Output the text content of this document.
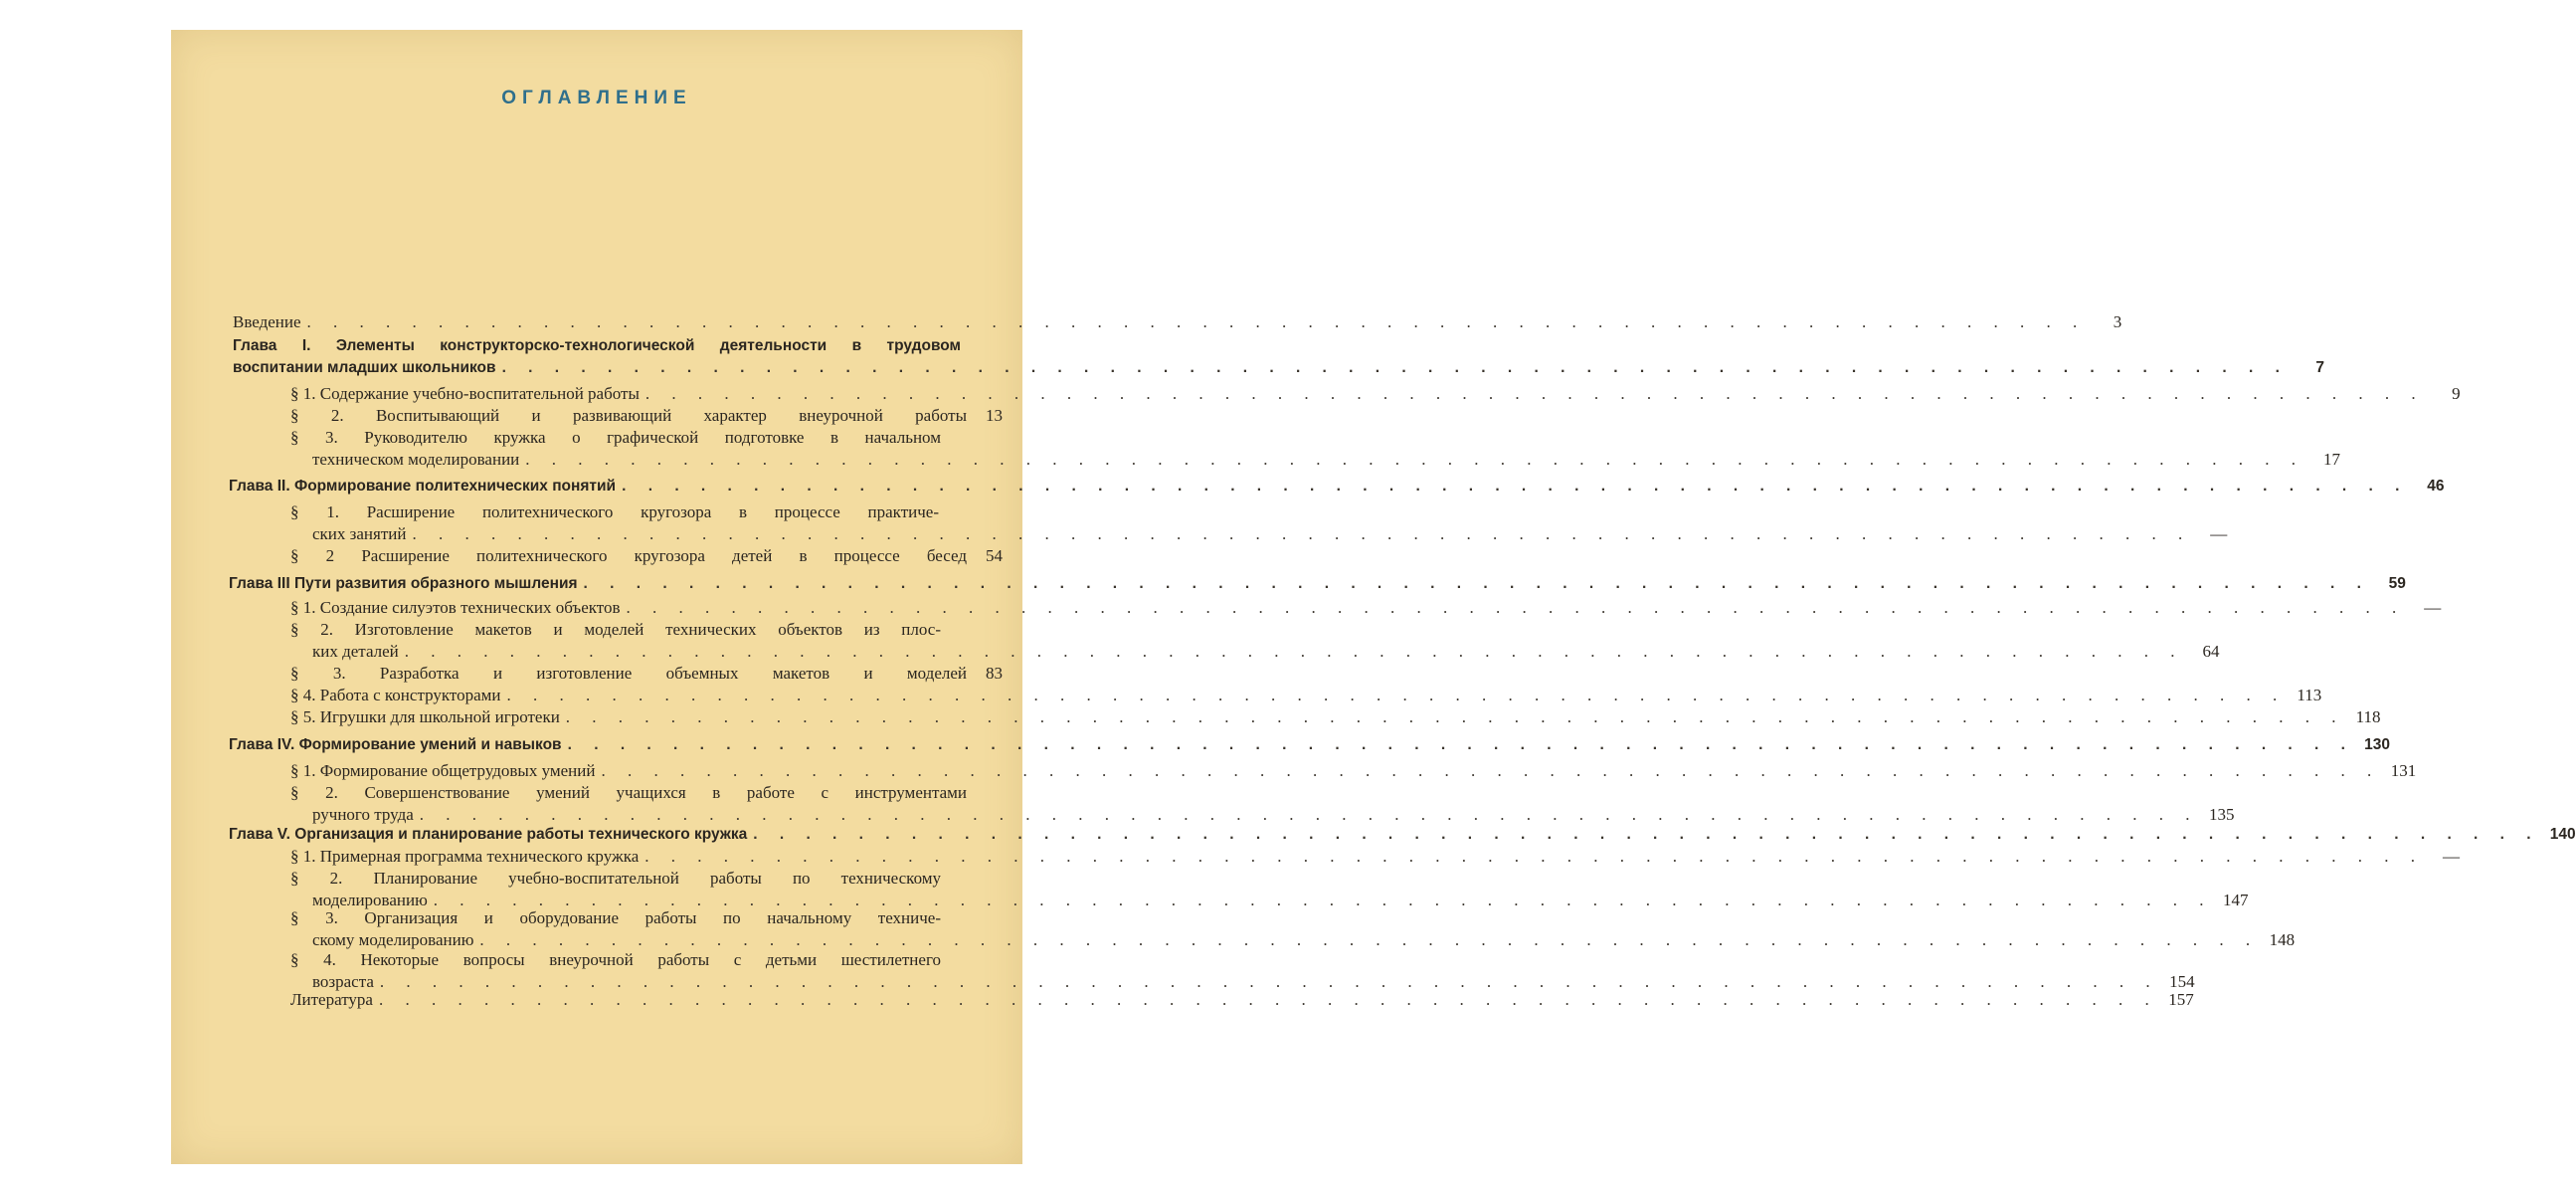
ОГЛАВЛЕНИЕ
Введение . . . . . . . . . . . . . . . . . . . . . . . . . . . . . . . . . . . . . . . . . . . . . . . . . . . . . . . . . . . . . . . . . . . .	3
Глава I. Элементы конструкторско-технологической деятельности в трудовом
воспитании младших школьников . . . . . . . . . . . . . . . . . . . . . . . . . . . . . . . . . . . . . . . . . . . . . . . . . . . . . . . . . . . . . . . . . . . .	7
§ 1. Содержание учебно-воспитательной работы . . . . . . . . . . . . . . . . . . . . . . . . . . . . . . . . . . . . . . . . . . . . . . . . . . . . . . . . . . . . . . . . . . . .	9
§ 2. Воспитывающий и развивающий характер внеурочной работы	13
§ 3. Руководителю кружка о графической подготовке в начальном
техническом моделировании . . . . . . . . . . . . . . . . . . . . . . . . . . . . . . . . . . . . . . . . . . . . . . . . . . . . . . . . . . . . . . . . . . . .	17
Глава II. Формирование политехнических понятий . . . . . . . . . . . . . . . . . . . . . . . . . . . . . . . . . . . . . . . . . . . . . . . . . . . . . . . . . . . . . . . . . . . .	46
§ 1. Расширение политехнического кругозора в процессе практиче-
ских занятий . . . . . . . . . . . . . . . . . . . . . . . . . . . . . . . . . . . . . . . . . . . . . . . . . . . . . . . . . . . . . . . . . . . .	—
§ 2 Расширение политехнического кругозора детей в процессе бесед	54
Глава III Пути развития образного мышления . . . . . . . . . . . . . . . . . . . . . . . . . . . . . . . . . . . . . . . . . . . . . . . . . . . . . . . . . . . . . . . . . . . .	59
§ 1. Создание силуэтов технических объектов . . . . . . . . . . . . . . . . . . . . . . . . . . . . . . . . . . . . . . . . . . . . . . . . . . . . . . . . . . . . . . . . . . . .	—
§ 2. Изготовление макетов и моделей технических объектов из плос-
ких деталей . . . . . . . . . . . . . . . . . . . . . . . . . . . . . . . . . . . . . . . . . . . . . . . . . . . . . . . . . . . . . . . . . . . .	64
§ 3. Разработка и изготовление объемных макетов и моделей	83
§ 4. Работа с конструкторами . . . . . . . . . . . . . . . . . . . . . . . . . . . . . . . . . . . . . . . . . . . . . . . . . . . . . . . . . . . . . . . . . . . . 113
§ 5. Игрушки для школьной игротеки . . . . . . . . . . . . . . . . . . . . . . . . . . . . . . . . . . . . . . . . . . . . . . . . . . . . . . . . . . . . . . . . . . . . 118
Глава IV. Формирование умений и навыков . . . . . . . . . . . . . . . . . . . . . . . . . . . . . . . . . . . . . . . . . . . . . . . . . . . . . . . . . . . . . . . . . . . . 130
§ 1. Формирование общетрудовых умений . . . . . . . . . . . . . . . . . . . . . . . . . . . . . . . . . . . . . . . . . . . . . . . . . . . . . . . . . . . . . . . . . . . . 131
§ 2. Совершенствование умений учащихся в работе с инструментами
ручного труда . . . . . . . . . . . . . . . . . . . . . . . . . . . . . . . . . . . . . . . . . . . . . . . . . . . . . . . . . . . . . . . . . . . . 135
Глава V. Организация и планирование работы технического кружка . . . . . . . . . . . . . . . . . . . . . . . . . . . . . . . . . . . . . . . . . . . . . . . . . . . . . . . . . . . . . . . . . . . . 140
§ 1. Примерная программа технического кружка . . . . . . . . . . . . . . . . . . . . . . . . . . . . . . . . . . . . . . . . . . . . . . . . . . . . . . . . . . . . . . . . . . . .	—
§ 2. Планирование учебно-воспитательной работы по техническому
моделированию . . . . . . . . . . . . . . . . . . . . . . . . . . . . . . . . . . . . . . . . . . . . . . . . . . . . . . . . . . . . . . . . . . . . 147
§ 3. Организация и оборудование работы по начальному техниче-
скому моделированию . . . . . . . . . . . . . . . . . . . . . . . . . . . . . . . . . . . . . . . . . . . . . . . . . . . . . . . . . . . . . . . . . . . . 148
§ 4. Некоторые вопросы внеурочной работы с детьми шестилетнего
возраста . . . . . . . . . . . . . . . . . . . . . . . . . . . . . . . . . . . . . . . . . . . . . . . . . . . . . . . . . . . . . . . . . . . . 154
Литература . . . . . . . . . . . . . . . . . . . . . . . . . . . . . . . . . . . . . . . . . . . . . . . . . . . . . . . . . . . . . . . . . . . . 157
